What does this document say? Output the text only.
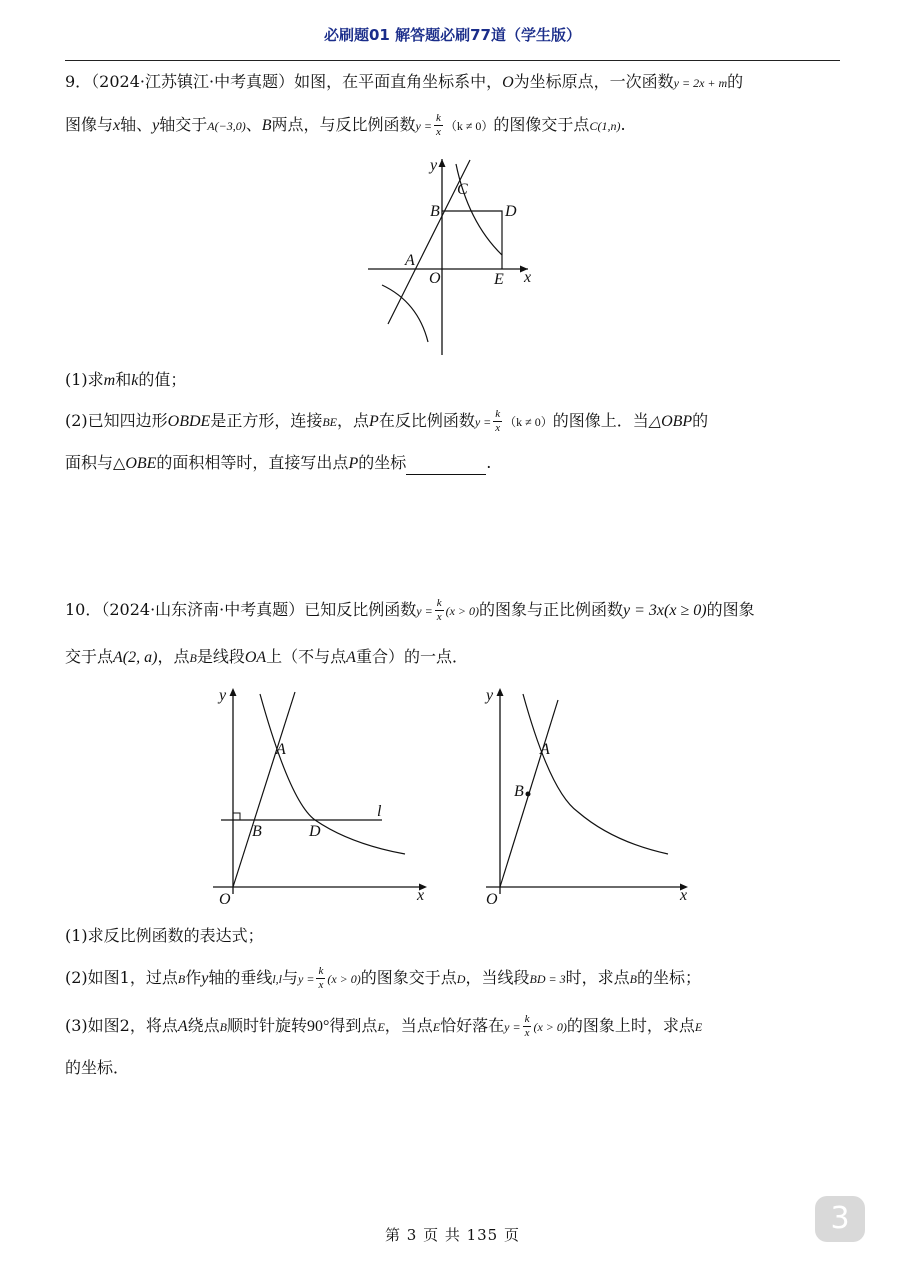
必刷题01 解答题必刷77道（学生版）
9．（2024·江苏镇江·中考真题）如图，在平面直角坐标系中，O为坐标原点，一次函数y = 2x + m的
图像与x轴、y轴交于A(−3,0)、B两点，与反比例函数$y = \frac{k}{x} (k \ne 0)$的图像交于点C(1,n).
y
C
B	D
A
O	E x
(1)求m和k的值；
(2)已知四边形OBDE是正方形，连接BE，点P在反比例函数$y = \frac{k}{x} (k \ne 0)$的图像上．当△OBP的
面积与△OBE的面积相等时，直接写出点P的坐标	.
10．（2024·山东济南·中考真题）已知反比例函数$y = \frac{k}{x} (x > 0)$的图象与正比例函数y = 3x(x ≥ 0)的图象
交于点A(2, a)，点B是线段OA上（不与点A重合）的一点．
y
A
l
B	D
O	x
y
A
B
O	x
(1)求反比例函数的表达式；
(2)如图1，过点B作y轴的垂线l,l与$y = \frac{k}{x} (x > 0)$的图象交于点D，当线段BD = 3时，求点B的坐标；
(3)如图2，将点A绕点B顺时针旋转90°得到点E，当点E恰好落在$y = \frac{k}{x} (x > 0)$的图象上时，求点E
的坐标．
第 3 页 共 135 页	3
